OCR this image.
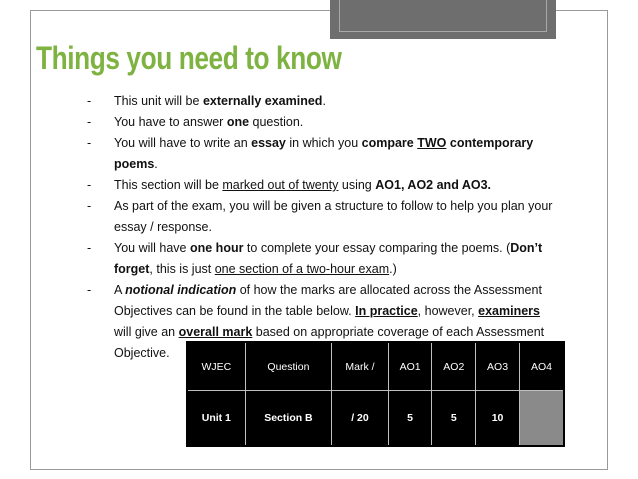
Things you need to know
- This unit will be externally examined.
- You have to answer one question.
- You will have to write an essay in which you compare TWO contemporary poems.
- This section will be marked out of twenty using AO1, AO2 and AO3.
- As part of the exam, you will be given a structure to follow to help you plan your essay / response.
- You will have one hour to complete your essay comparing the poems. (Don’t forget, this is just one section of a two-hour exam.)
- A notional indication of how the marks are allocated across the Assessment Objectives can be found in the table below. In practice, however, examiners will give an overall mark based on appropriate coverage of each Assessment Objective.
WJEC	Question	Mark /	AO1	AO2	AO3	AO4
Unit 1	Section B	/ 20	5	5	10	
